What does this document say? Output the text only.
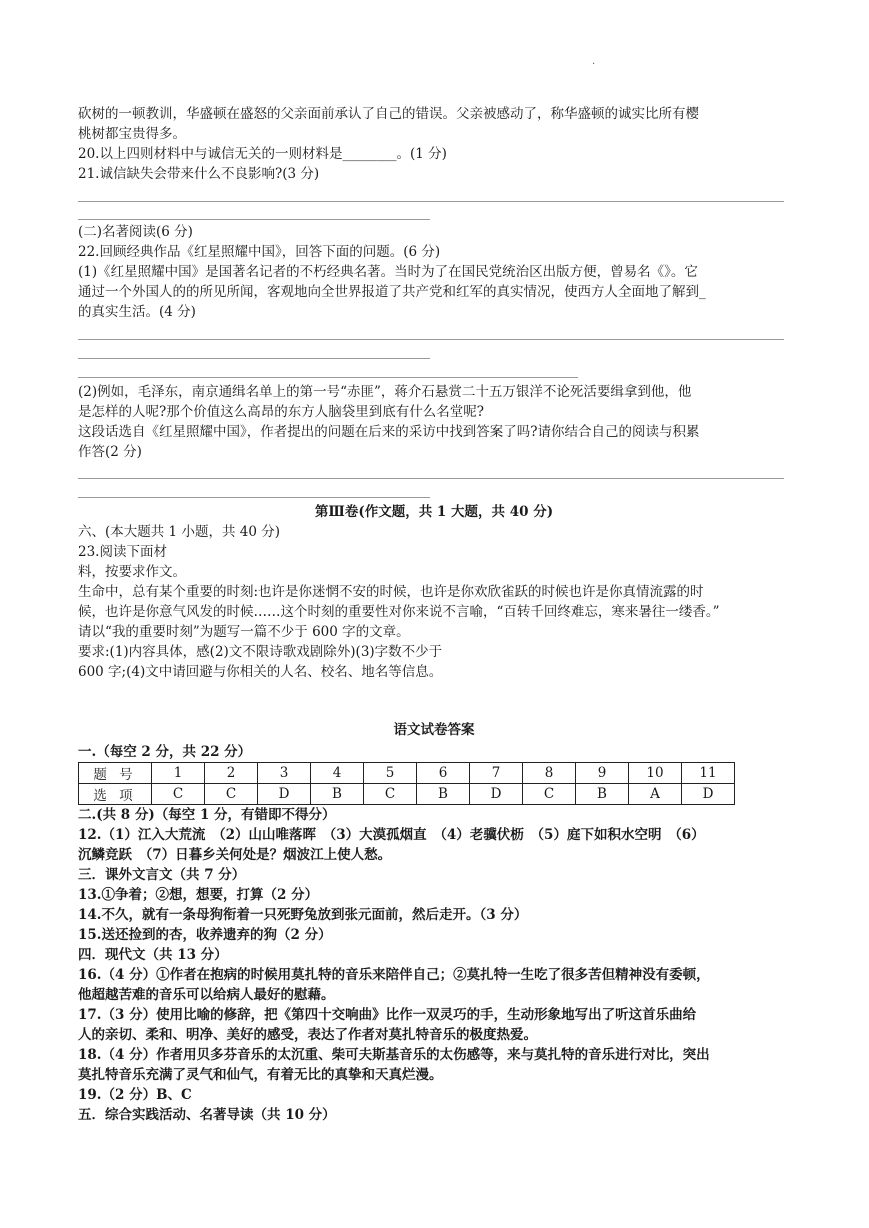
.

砍树的一顿教训，华盛顿在盛怒的父亲面前承认了自己的错误。父亲被感动了，称华盛顿的诚实比所有樱

桃树都宝贵得多。

20.以上四则材料中与诚信无关的一则材料是________。(1 分)

21.诚信缺失会带来什么不良影响?(3 分)

(二)名著阅读(6 分)

22.回顾经典作品《红星照耀中国》，回答下面的问题。(6 分)

(1)《红星照耀中国》是国著名记者的不朽经典名著。当时为了在国民党统治区出版方便，曾易名《》。它

通过一个外国人的的所见所闻，客观地向全世界报道了共产党和红军的真实情况，使西方人全面地了解到_

的真实生活。(4 分)

(2)例如，毛泽东，南京通缉名单上的第一号“赤匪”，蒋介石悬赏二十五万银洋不论死活要缉拿到他，他

是怎样的人呢?那个价值这么高昂的东方人脑袋里到底有什么名堂呢?

这段话选自《红星照耀中国》，作者提出的问题在后来的采访中找到答案了吗?请你结合自己的阅读与积累

作答(2 分)

第Ⅲ卷(作文题，共 1 大题，共 40 分)

六、(本大题共 1 小题，共 40 分)

23.阅读下面材

料，按要求作文。

生命中，总有某个重要的时刻:也许是你迷惘不安的时候，也许是你欢欣雀跃的时候也许是你真情流露的时

候，也许是你意气风发的时候……这个时刻的重要性对你来说不言喻，“百转千回终难忘，寒来暑往一缕香。”

请以“我的重要时刻”为题写一篇不少于 600 字的文章。

要求:(1)内容具体，感(2)文不限诗歌戏剧除外)(3)字数不少于

600 字;(4)文中请回避与你相关的人名、校名、地名等信息。

语文试卷答案

一.（每空 2 分，共 22 分）

题 号	1	2	3	4	5	6	7	8	9	10	11
选 项	C	C	D	B	C	B	D	C	B	A	D

二.(共 8 分)（每空 1 分，有错即不得分）

12.（1）江入大荒流　（2）山山唯落晖　（3）大漠孤烟直　（4）老骥伏枥　（5）庭下如积水空明　（6）

沉鳞竞跃　（7）日暮乡关何处是？烟波江上使人愁。

三．课外文言文（共 7 分）

13.①争着；②想，想要，打算（2 分）

14.不久，就有一条母狗衔着一只死野兔放到张元面前，然后走开。（3 分）

15.送还捡到的杏，收养遗弃的狗（2 分）

四．现代文（共 13 分）

16.（4 分）①作者在抱病的时候用莫扎特的音乐来陪伴自己；②莫扎特一生吃了很多苦但精神没有委顿，

他超越苦难的音乐可以给病人最好的慰藉。

17.（3 分）使用比喻的修辞，把《第四十交响曲》比作一双灵巧的手，生动形象地写出了听这首乐曲给

人的亲切、柔和、明净、美好的感受，表达了作者对莫扎特音乐的极度热爱。

18.（4 分）作者用贝多芬音乐的太沉重、柴可夫斯基音乐的太伤感等，来与莫扎特的音乐进行对比，突出

莫扎特音乐充满了灵气和仙气，有着无比的真挚和天真烂漫。

19.（2 分）B、C

五．综合实践活动、名著导读（共 10 分）
